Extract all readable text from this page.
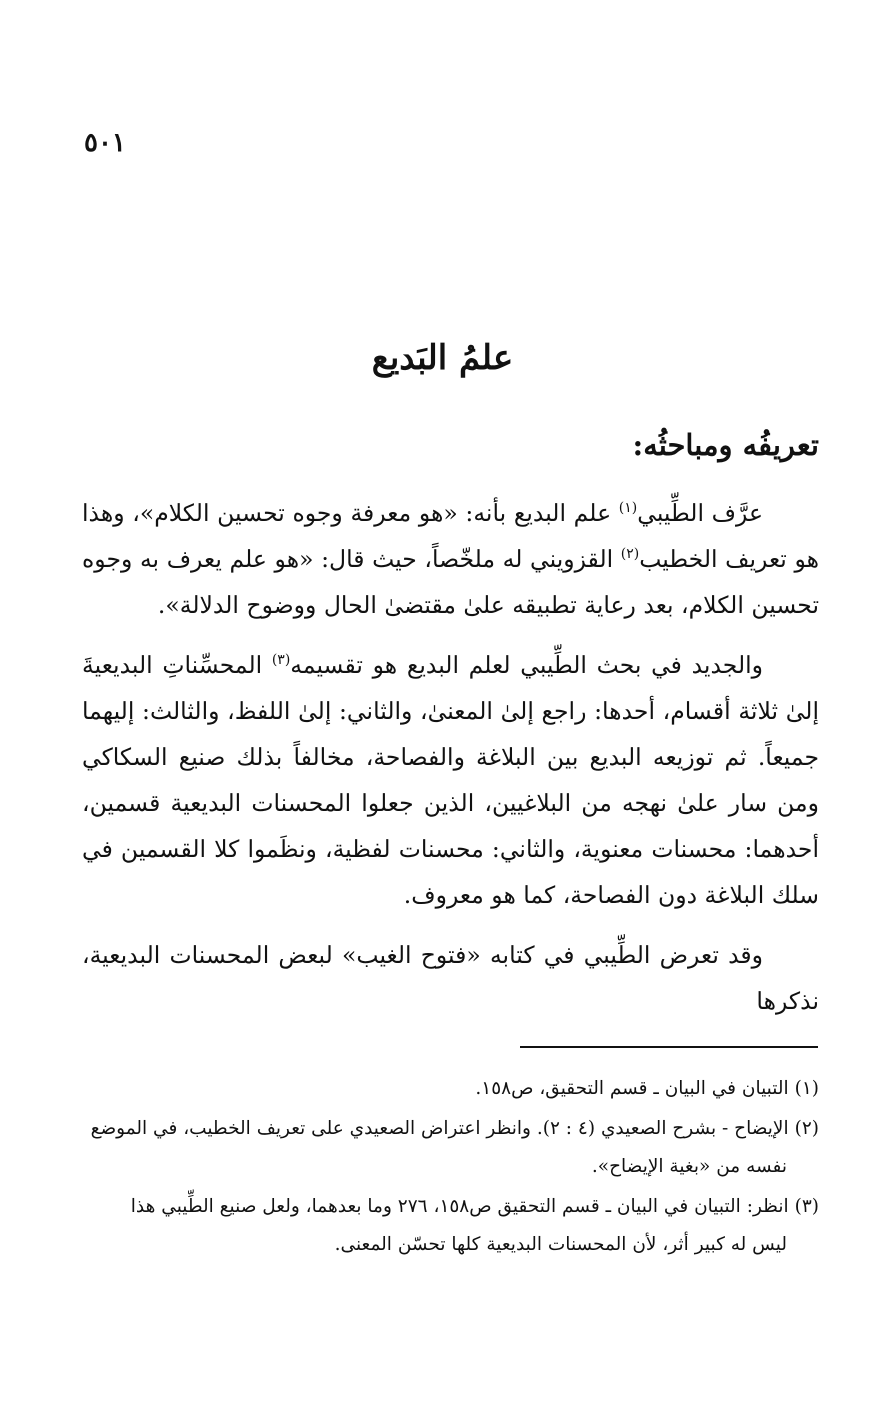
٥٠١
علمُ البَديع
تعريفُه ومباحثُه:

عرَّف الطِّيبي$^{(١)}$ علم البديع بأنه: «هو معرفة وجوه تحسين الكلام»، وهذا هو تعريف الخطيب$^{(٢)}$ القزويني له ملخّصاً، حيث قال: «هو علم يعرف به وجوه تحسين الكلام، بعد رعاية تطبيقه علىٰ مقتضىٰ الحال ووضوح الدلالة».

والجديد في بحث الطِّيبي لعلم البديع هو تقسيمه$^{(٣)}$ المحسِّناتِ البديعيةَ إلىٰ ثلاثة أقسام، أحدها: راجع إلىٰ المعنىٰ، والثاني: إلىٰ اللفظ، والثالث: إليهما جميعاً. ثم توزيعه البديع بين البلاغة والفصاحة، مخالفاً بذلك صنيع السكاكي ومن سار علىٰ نهجه من البلاغيين، الذين جعلوا المحسنات البديعية قسمين، أحدهما: محسنات معنوية، والثاني: محسنات لفظية، ونظَموا كلا القسمين في سلك البلاغة دون الفصاحة، كما هو معروف.

وقد تعرض الطِّيبي في كتابه «فتوح الغيب» لبعض المحسنات البديعية، نذكرها

(١)التبيان في البيان ـ قسم التحقيق، ص١٥٨.
(٢)الإيضاح - بشرح الصعيدي (٤ : ٢). وانظر اعتراض الصعيدي على تعريف الخطيب، في الموضع
نفسه من «بغية الإيضاح».
(٣)انظر: التبيان في البيان ـ قسم التحقيق ص١٥٨، ٢٧٦ وما بعدهما، ولعل صنيع الطِّيبي هذا
ليس له كبير أثر، لأن المحسنات البديعية كلها تحسّن المعنى.
